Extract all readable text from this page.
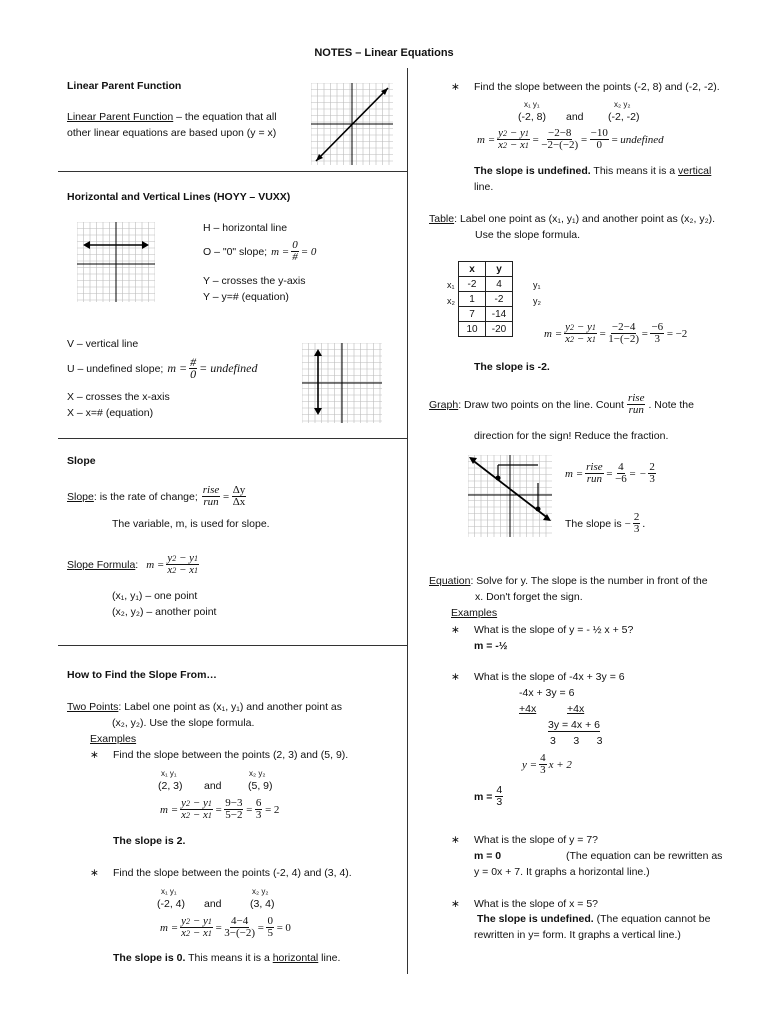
NOTES – Linear Equations
Linear Parent Function
Linear Parent Function – the equation that all
other linear equations are based upon (y = x)
Horizontal and Vertical Lines (HOYY – VUXX)
H – horizontal line
O – "0" slope; $m = \frac{0}{\#} = 0$
Y – crosses the y-axis
Y – y=# (equation)
V – vertical line
U – undefined slope; $m = \frac{\#}{0}$ = undefined
X – crosses the x-axis
X – x=# (equation)
Slope
Slope: is the rate of change; $\frac{\text{rise}}{\text{run}} = \frac{\Delta y}{\Delta x}$
The variable, m, is used for slope.
Slope Formula: $m = \frac{y2 - y1}{x2 - x1}$
(x₁, y₁) – one point
(x₂, y₂) – another point
How to Find the Slope From…
Two Points: Label one point as (x₁, y₁) and another point as
(x₂, y₂). Use the slope formula.
Examples
∗ Find the slope between the points (2, 3) and (5, 9).
x₁ y₁	x₂ y₂
(2, 3) and	(5, 9)
$m = \frac{y2 - y1}{x2 - x1} = \frac{9-3}{5-2} = \frac{6}{3} = 2$
The slope is 2.
∗ Find the slope between the points (-2, 4) and (3, 4).
x₁ y₁	x₂ y₂
(-2, 4) and	(3, 4)
$m = \frac{y2 - y1}{x2 - x1} = \frac{4-4}{3-(-2)} = \frac{0}{5} = 0$
The slope is 0. This means it is a horizontal line.
∗ Find the slope between the points (-2, 8) and (-2, -2).
x₁ y₁	x₂ y₂
(-2, 8) and (-2, -2)
$m = \frac{y2 - y1}{x2 - x1} = \frac{-2-8}{-2-(-2)} = \frac{-10}{0}$ = undefined
The slope is undefined. This means it is a vertical
line.
Table: Label one point as (x₁, y₁) and another point as (x₂, y₂).
Use the slope formula.
x₁
x₂
y₁
y₂
x	y
-2	4
1	-2
7	-14
10	-20	$m = \frac{y2 - y1}{x2 - x1} = \frac{-2-4}{1-(-2)} = \frac{-6}{3} = -2$
The slope is -2.
Graph: Draw two points on the line. Count $\frac{\text{rise}}{\text{run}}$ . Note the
direction for the sign! Reduce the fraction.
$m = \frac{\text{rise}}{\text{run}} = \frac{4}{-6}$ = − $\frac{2}{3}$
The slope is − $\frac{2}{3}$ .
Equation: Solve for y. The slope is the number in front of the
x. Don't forget the sign.
Examples
∗ What is the slope of y = - ½ x + 5?
m = -½
∗ What is the slope of -4x + 3y = 6
-4x + 3y = 6
+4x	+4x
3y = 4x + 6
3      3      3
$y = \frac{4}{3}$ x + 2
$m = \frac{4}{3}$
∗ What is the slope of y = 7?
m = 0	(The equation can be rewritten as
y = 0x + 7. It graphs a horizontal line.)
∗ What is the slope of x = 5?
The slope is undefined. (The equation cannot be
rewritten in y= form. It graphs a vertical line.)
